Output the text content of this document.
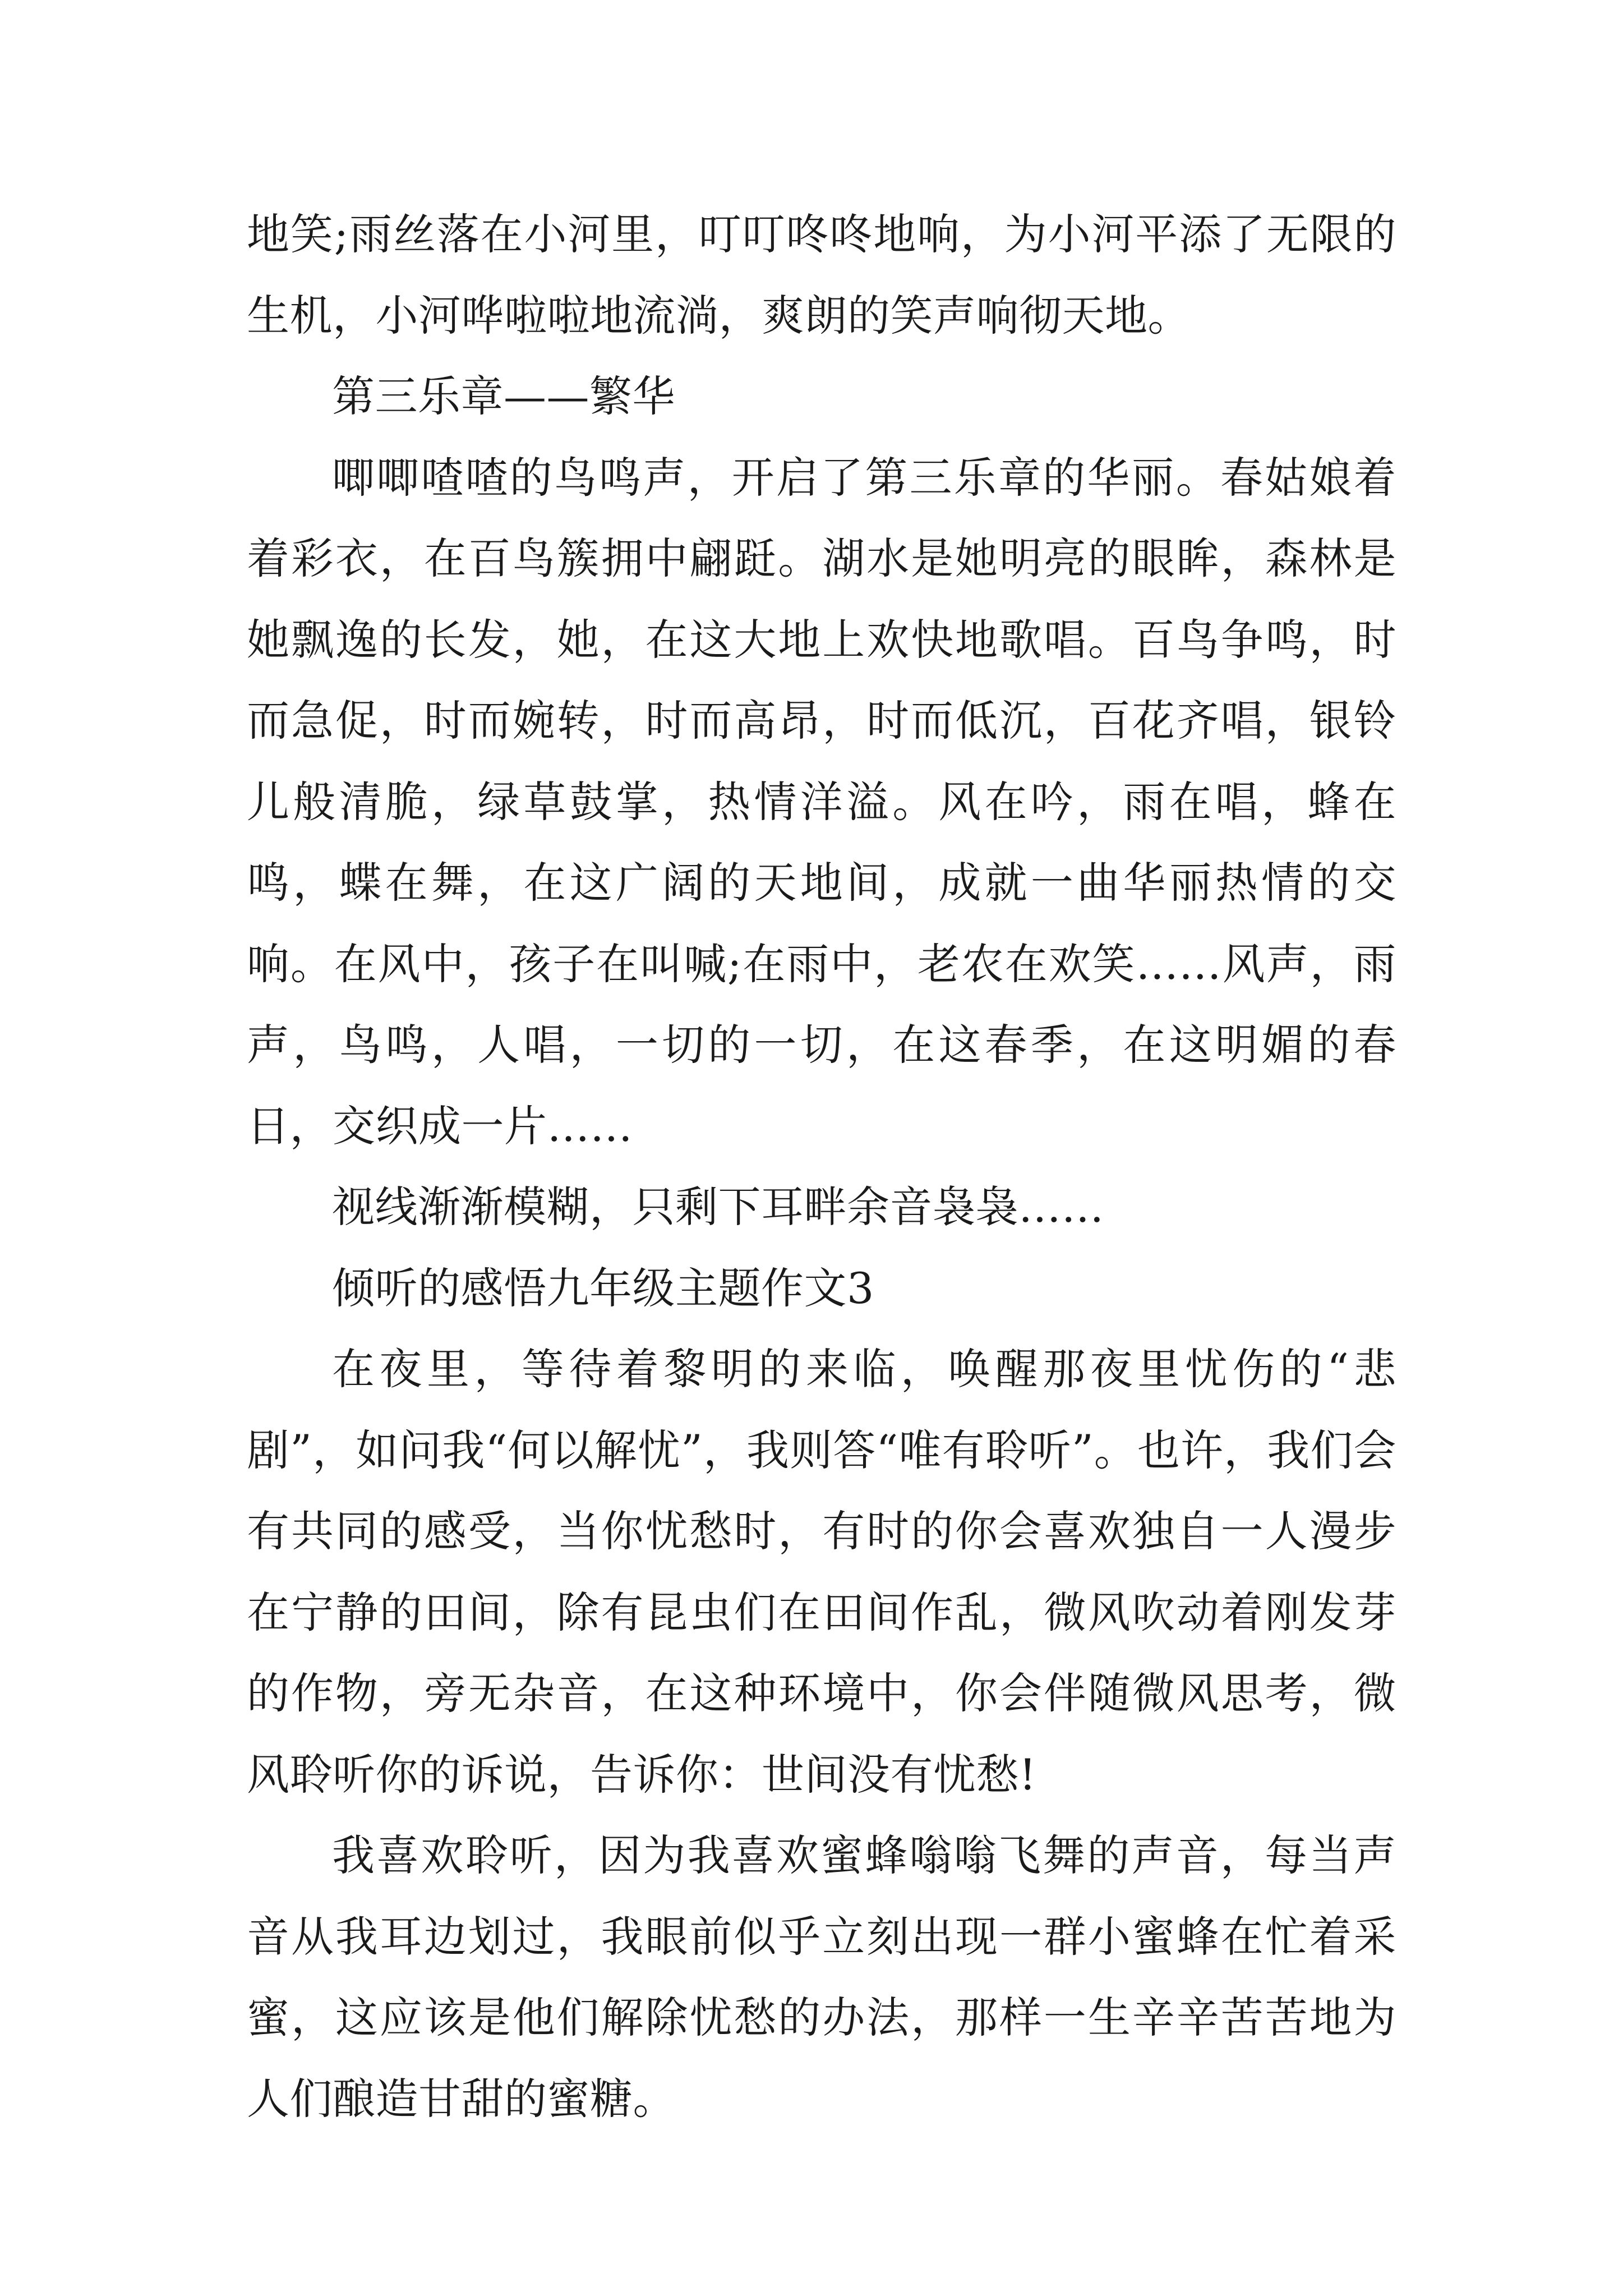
地笑;雨丝落在小河里，叮叮咚咚地响，为小河平添了无限的生机，小河哗啦啦地流淌，爽朗的笑声响彻天地。

第三乐章——繁华

唧唧喳喳的鸟鸣声，开启了第三乐章的华丽。春姑娘着着彩衣，在百鸟簇拥中翩跹。湖水是她明亮的眼眸，森林是她飘逸的长发，她，在这大地上欢快地歌唱。百鸟争鸣，时而急促，时而婉转，时而高昂，时而低沉，百花齐唱，银铃儿般清脆，绿草鼓掌，热情洋溢。风在吟，雨在唱，蜂在鸣，蝶在舞，在这广阔的天地间，成就一曲华丽热情的交响。在风中，孩子在叫喊;在雨中，老农在欢笑……风声，雨声，鸟鸣，人唱，一切的一切，在这春季，在这明媚的春日，交织成一片……

视线渐渐模糊，只剩下耳畔余音袅袅……

倾听的感悟九年级主题作文3

在夜里，等待着黎明的来临，唤醒那夜里忧伤的“悲剧”，如问我“何以解忧”，我则答“唯有聆听”。也许，我们会有共同的感受，当你忧愁时，有时的你会喜欢独自一人漫步在宁静的田间，除有昆虫们在田间作乱，微风吹动着刚发芽的作物，旁无杂音，在这种环境中，你会伴随微风思考，微风聆听你的诉说，告诉你：世间没有忧愁!

我喜欢聆听，因为我喜欢蜜蜂嗡嗡飞舞的声音，每当声音从我耳边划过，我眼前似乎立刻出现一群小蜜蜂在忙着采蜜，这应该是他们解除忧愁的办法，那样一生辛辛苦苦地为人们酿造甘甜的蜜糖。
